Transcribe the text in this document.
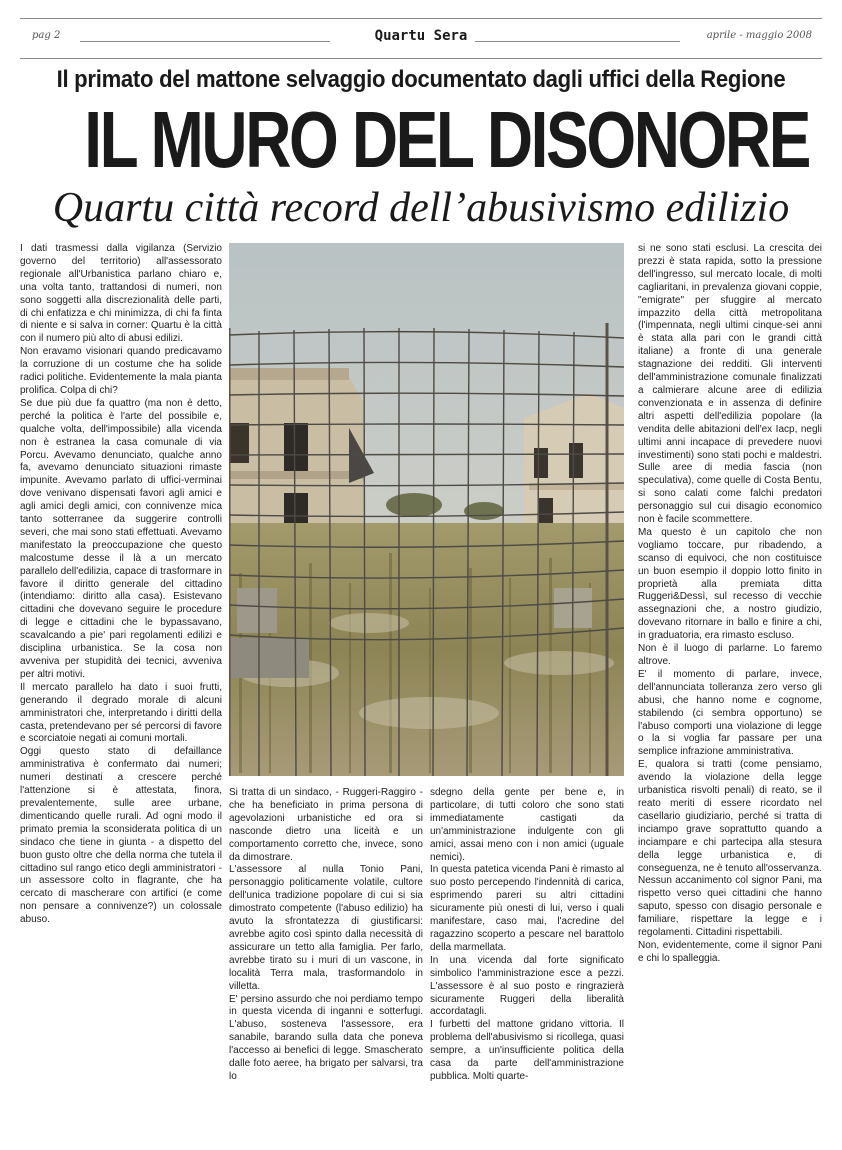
pag 2	Quartu Sera	aprile - maggio 2008
Il primato del mattone selvaggio documentato dagli uffici della Regione
IL MURO DEL DISONORE
Quartu città record dell’abusivismo edilizio

I dati trasmessi dalla vigilanza (Servizio governo del territorio) all'assessorato regionale all'Urbanistica parlano chiaro e, una volta tanto, trattandosi di numeri, non sono soggetti alla discrezionalità delle parti, di chi enfatizza e chi minimizza, di chi fa finta di niente e si salva in corner: Quartu è la città con il numero più alto di abusi edilizi.

Non eravamo visionari quando predicavamo la corruzione di un costume che ha solide radici politiche. Evidentemente la mala pianta prolifica. Colpa di chi?

Se due più due fa quattro (ma non è detto, perché la politica è l'arte del possibile e, qualche volta, dell'impossibile) alla vicenda non è estranea la casa comunale di via Porcu. Avevamo denunciato, qualche anno fa, avevamo denunciato situazioni rimaste impunite. Avevamo parlato di uffici-verminai dove venivano dispensati favori agli amici e agli amici degli amici, con connivenze mica tanto sotterranee da suggerire controlli severi, che mai sono stati effettuati. Avevamo manifestato la preoccupazione che questo malcostume desse il là a un mercato parallelo dell'edilizia, capace di trasformare in favore il diritto generale del cittadino (intendiamo: diritto alla casa). Esistevano cittadini che dovevano seguire le procedure di legge e cittadini che le bypassavano, scavalcando a pie' pari regolamenti edilizi e disciplina urbanistica. Se la cosa non avveniva per stupidità dei tecnici, avveniva per altri motivi.

Il mercato parallelo ha dato i suoi frutti, generando il degrado morale di alcuni amministratori che, interpretando i diritti della casta, pretendevano per sé percorsi di favore e scorciatoie negati ai comuni mortali.

Oggi questo stato di defaillance amministrativa è confermato dai numeri; numeri destinati a crescere perché l'attenzione si è attestata, finora, prevalentemente, sulle aree urbane, dimenticando quelle rurali. Ad ogni modo il primato premia la sconsiderata politica di un sindaco che tiene in giunta - a dispetto del buon gusto oltre che della norma che tutela il cittadino sul rango etico degli amministratori - un assessore colto in flagrante, che ha cercato di mascherare con artifici (e come non pensare a connivenze?) un colossale abuso.

Si tratta di un sindaco, - Ruggeri-Raggiro - che ha beneficiato in prima persona di agevolazioni urbanistiche ed ora si nasconde dietro una liceità e un comportamento corretto che, invece, sono da dimostrare.

L'assessore al nulla Tonio Pani, personaggio politicamente volatile, cultore dell'unica tradizione popolare di cui si sia dimostrato competente (l'abuso edilizio) ha avuto la sfrontatezza di giustificarsi: avrebbe agito così spinto dalla necessità di assicurare un tetto alla famiglia. Per farlo, avrebbe tirato su i muri di un vascone, in località Terra mala, trasformandolo in villetta.

E' persino assurdo che noi perdiamo tempo in questa vicenda di inganni e sotterfugi. L'abuso, sosteneva l'assessore, era sanabile, barando sulla data che poneva l'accesso ai benefici di legge. Smascherato dalle foto aeree, ha brigato per salvarsi, tra lo

sdegno della gente per bene e, in particolare, di tutti coloro che sono stati immediatamente castigati da un'amministrazione indulgente con gli amici, assai meno con i non amici (ugualе nemici).

In questa patetica vicenda Pani è rimasto al suo posto percependo l'indennità di carica, esprimendo pareri su altri cittadini sicuramente più onesti di lui, verso i quali manifestare, caso mai, l'acredine del ragazzino scoperto a pescare nel barattolo della marmellata.

In una vicenda dal forte significato simbolico l'amministrazione esce a pezzi. L'assessore è al suo posto e ringrazierà sicuramente Ruggeri della liberalità accordatagli.

I furbetti del mattone gridano vittoria. Il problema dell'abusivismo si ricollega, quasi sempre, a un'insufficiente politica della casa da parte dell'amministrazione pubblica. Molti quarte-

si ne sono stati esclusi. La crescita dei prezzi è stata rapida, sotto la pressione dell'ingresso, sul mercato locale, di molti cagliaritani, in prevalenza giovani coppie, "emigrate" per sfuggire al mercato impazzito della città metropolitana (l'impennata, negli ultimi cinque-sei anni è stata alla pari con le grandi città italiane) a fronte di una generale stagnazione dei redditi. Gli interventi dell'amministrazione comunale finalizzati a calmierare alcune aree di edilizia convenzionata e in assenza di definire altri aspetti dell'edilizia popolare (la vendita delle abitazioni dell'ex Iacp, negli ultimi anni incapace di prevedere nuovi investimenti) sono stati pochi e maldestri. Sulle aree di media fascia (non speculativa), come quelle di Costa Bentu, si sono calati come falchi predatori personaggio sul cui disagio economico non è facile scommettere.

Ma questo è un capitolo che non vogliamo toccare, pur ribadendo, a scanso di equivoci, che non costituisce un buon esempio il doppio lotto finito in proprietà alla premiata ditta Ruggeri&Dessì, sul recesso di vecchie assegnazioni che, a nostro giudizio, dovevano ritornare in ballo e finire a chi, in graduatoria, era rimasto escluso.

Non è il luogo di parlarne. Lo faremo altrove.

E' il momento di parlare, invece, dell'annunciata tolleranza zero verso gli abusi, che hanno nome e cognome, stabilendo (ci sembra opportuno) se l'abuso comporti una violazione di legge o la si voglia far passare per una semplice infrazione amministrativa.

E, qualora si tratti (come pensiamo, avendo la violazione della legge urbanistica risvolti penali) di reato, se il reato meriti di essere ricordato nel casellario giudiziario, perché si tratta di inciampo grave soprattutto quando a inciampare e chi partecipa alla stesura della legge urbanistica e, di conseguenza, ne è tenuto all'osservanza.

Nessun accanimento col signor Pani, ma rispetto verso quei cittadini che hanno saputo, spesso con disagio personale e familiare, rispettare la legge e i regolamenti. Cittadini rispettabili.

Non, evidentemente, come il signor Pani e chi lo spalleggia.
